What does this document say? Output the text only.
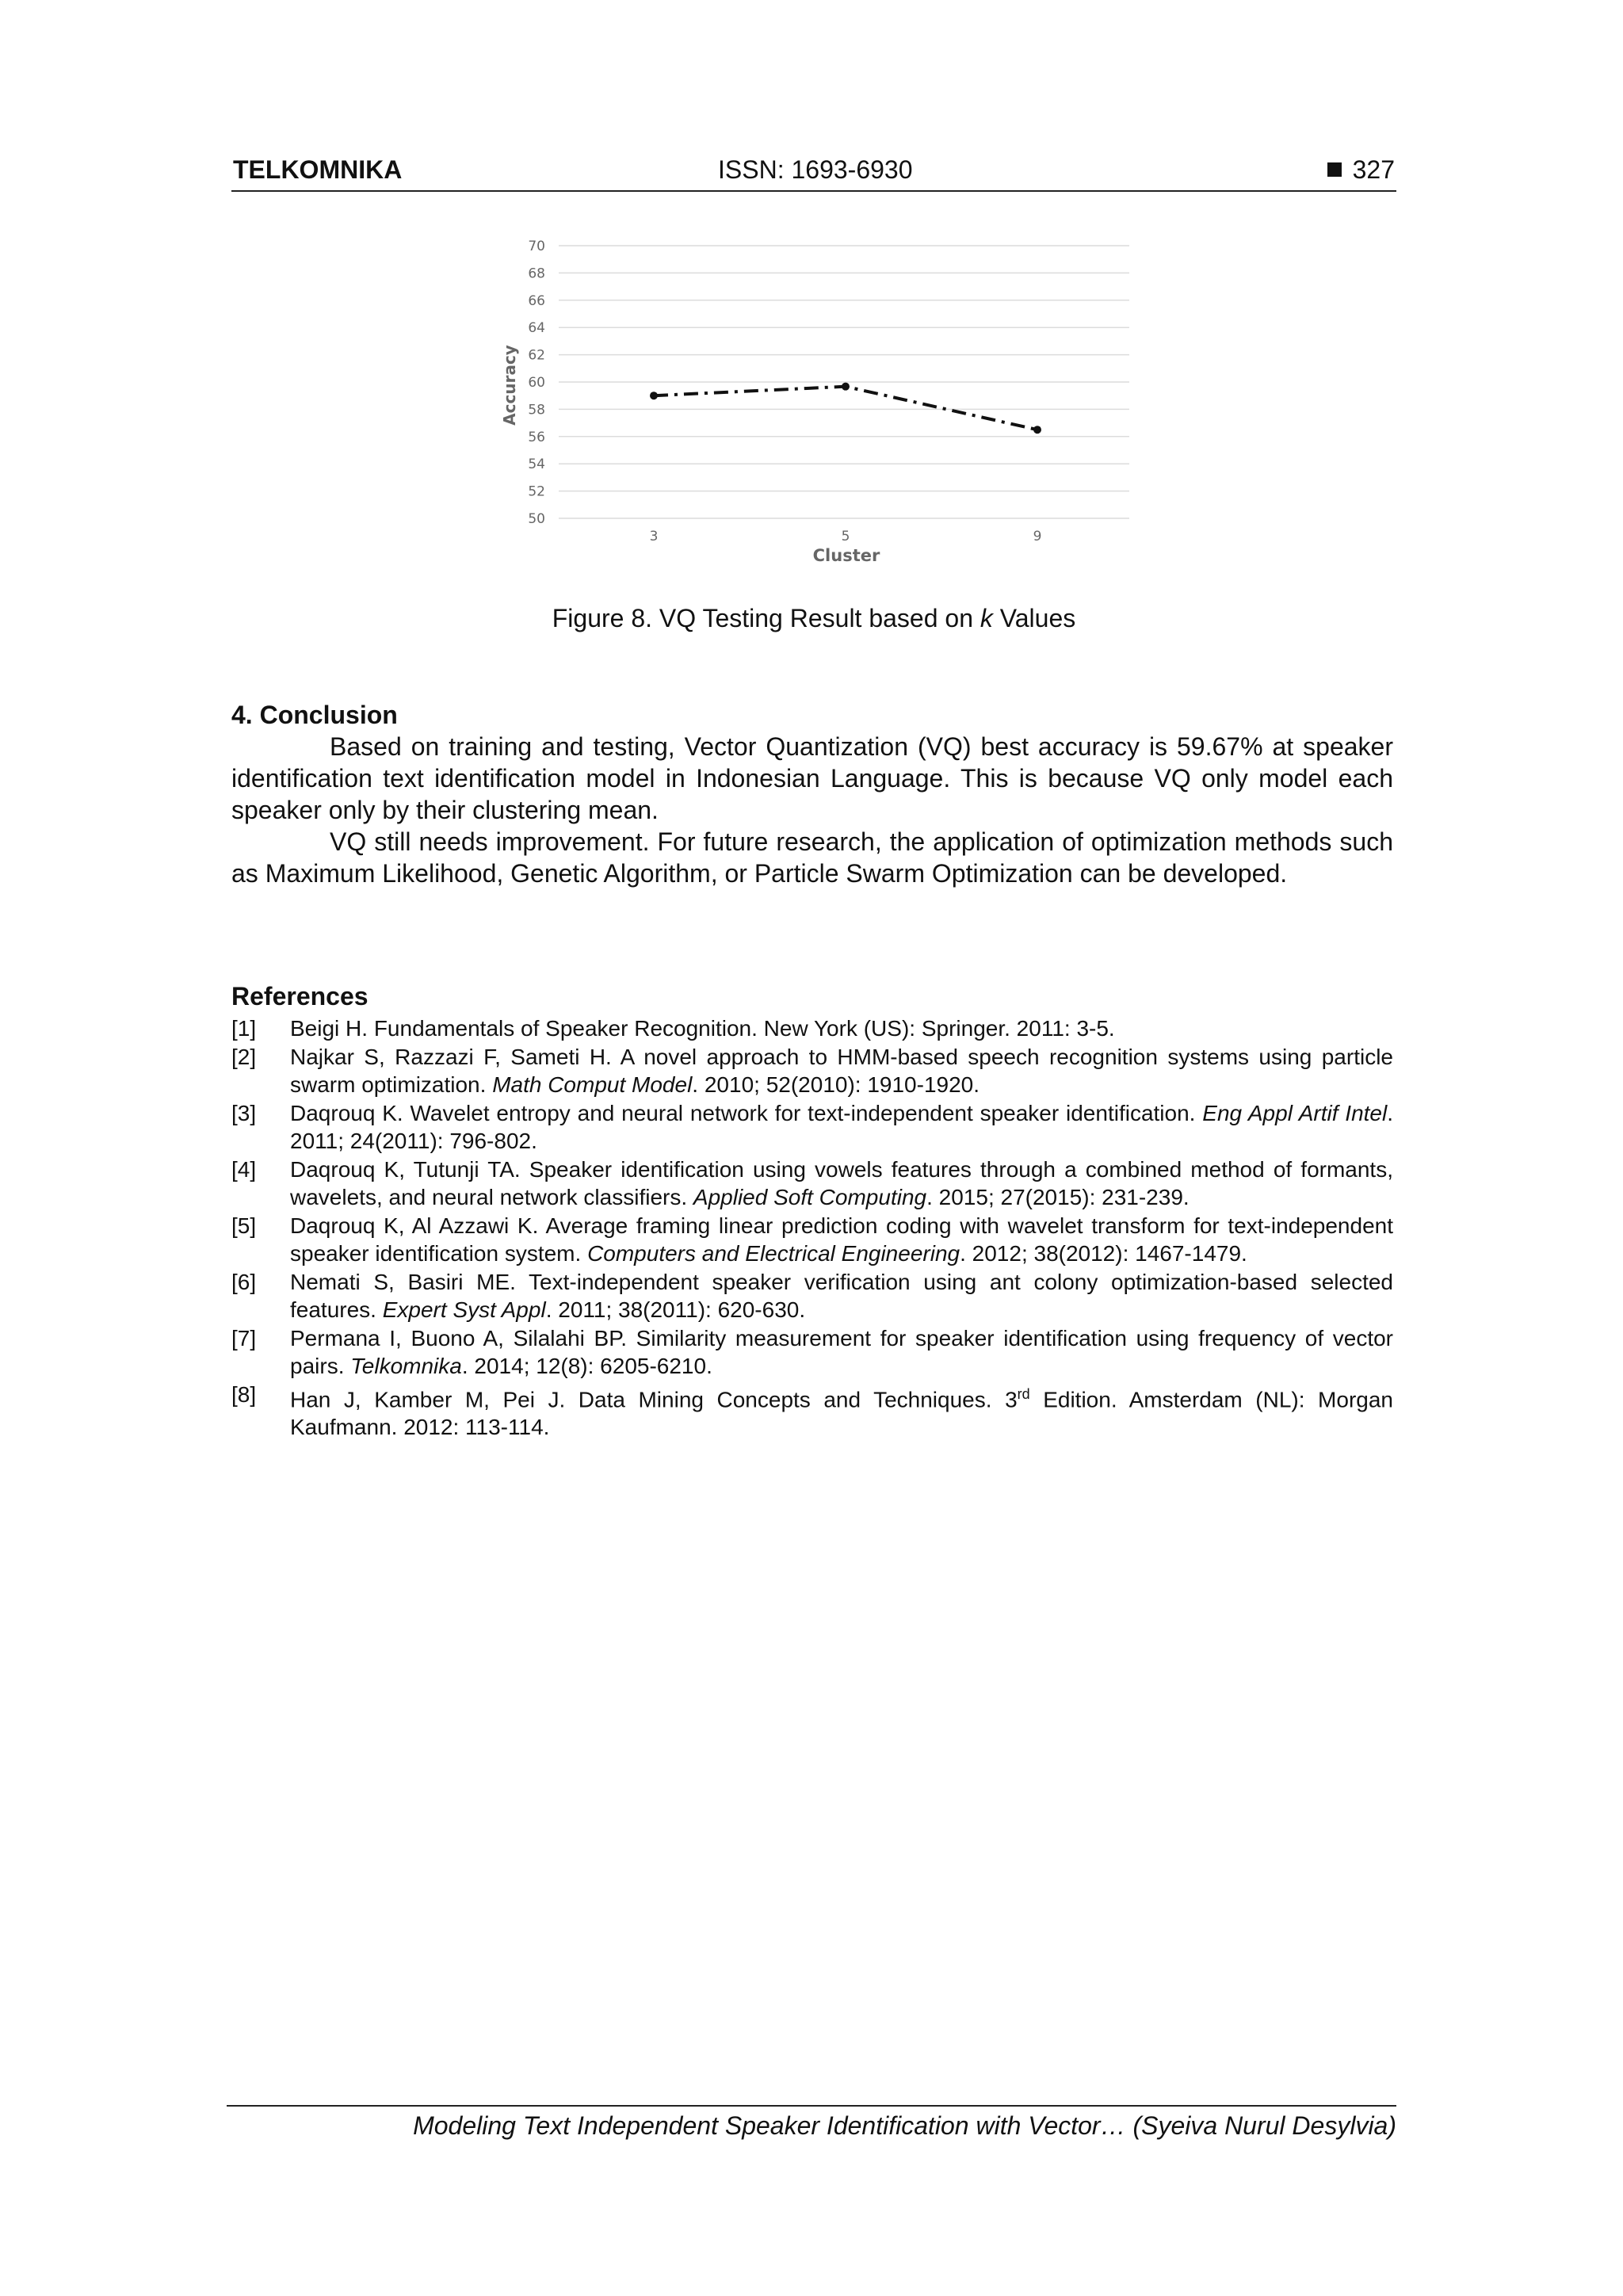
TELKOMNIKA	ISSN: 1693-6930	327
50
52
54
56
58
60
62
64
66
68
70
3	5	9
Accuracy
Cluster
Figure 8. VQ Testing Result based on k Values
4. Conclusion

Based on training and testing, Vector Quantization (VQ) best accuracy is 59.67% at speaker identification text identification model in Indonesian Language. This is because VQ only model each speaker only by their clustering mean.

VQ still needs improvement. For future research, the application of optimization methods such as Maximum Likelihood, Genetic Algorithm, or Particle Swarm Optimization can be developed.

References
[1] Beigi H. Fundamentals of Speaker Recognition. New York (US): Springer. 2011: 3-5.
[2] Najkar S, Razzazi F, Sameti H. A novel approach to HMM-based speech recognition systems using particle swarm optimization. Math Comput Model. 2010; 52(2010): 1910-1920.
[3] Daqrouq K. Wavelet entropy and neural network for text-independent speaker identification. Eng Appl Artif Intel. 2011; 24(2011): 796-802.
[4] Daqrouq K, Tutunji TA. Speaker identification using vowels features through a combined method of formants, wavelets, and neural network classifiers. Applied Soft Computing. 2015; 27(2015): 231-239.
[5] Daqrouq K, Al Azzawi K. Average framing linear prediction coding with wavelet transform for text-independent speaker identification system. Computers and Electrical Engineering. 2012; 38(2012): 1467-1479.
[6] Nemati S, Basiri ME. Text-independent speaker verification using ant colony optimization-based selected features. Expert Syst Appl. 2011; 38(2011): 620-630.
[7] Permana I, Buono A, Silalahi BP. Similarity measurement for speaker identification using frequency of vector pairs. Telkomnika. 2014; 12(8): 6205-6210.
[8] Han J, Kamber M, Pei J. Data Mining Concepts and Techniques. 3rd Edition. Amsterdam (NL): Morgan Kaufmann. 2012: 113-114.
Modeling Text Independent Speaker Identification with Vector… (Syeiva Nurul Desylvia)
